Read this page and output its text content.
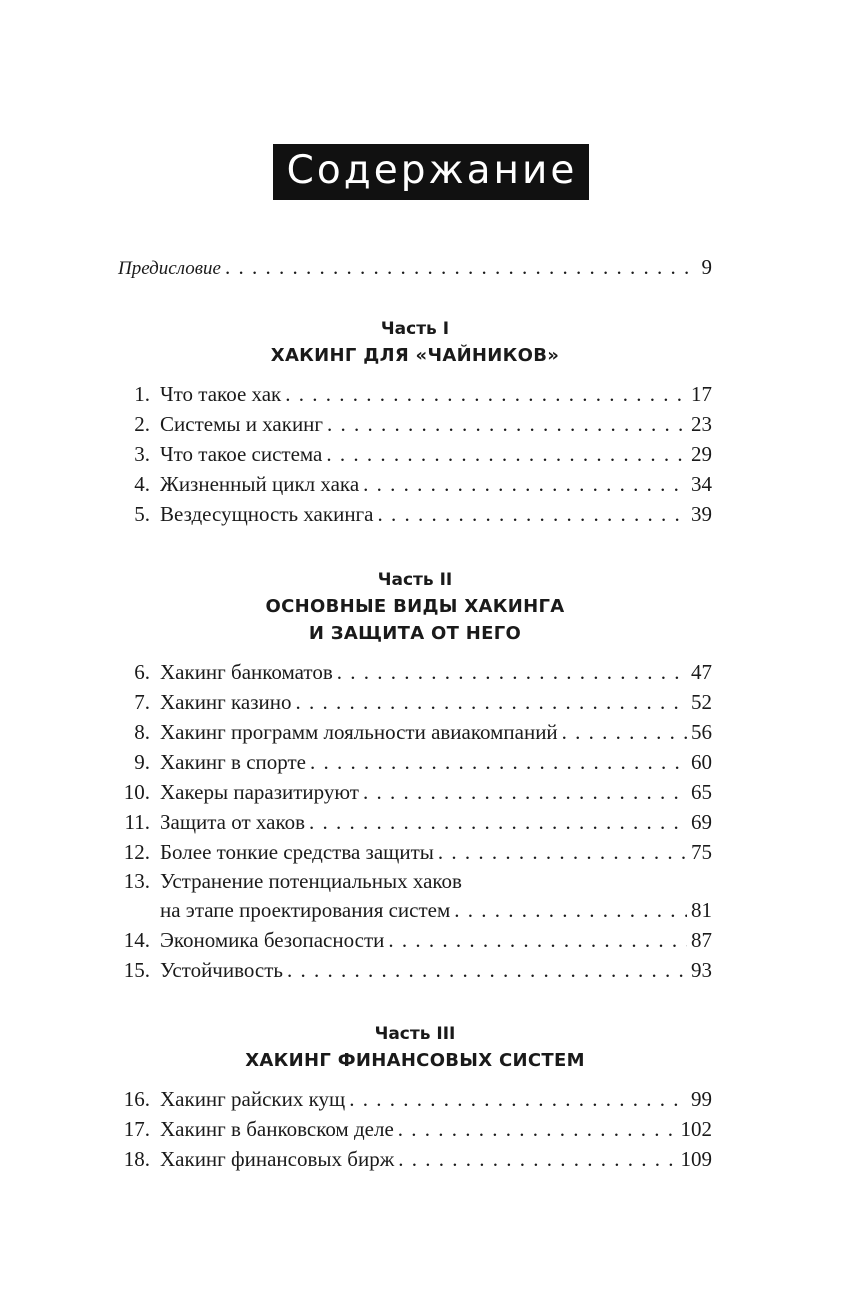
Содержание
Предисловие . . .	9
Часть I
ХАКИНГ ДЛЯ «ЧАЙНИКОВ»
1. Что такое хак . . .	17
2. Системы и хакинг . . .	23
3. Что такое система . . .	29
4. Жизненный цикл хака . . .	34
5. Вездесущность хакинга . . .	39
Часть II
ОСНОВНЫЕ ВИДЫ ХАКИНГА
И ЗАЩИТА ОТ НЕГО
6. Хакинг банкоматов . . .	47
7. Хакинг казино . . .	52
8. Хакинг программ лояльности авиакомпаний . . .	56
9. Хакинг в спорте . . .	60
10. Хакеры паразитируют . . .	65
11. Защита от хаков . . .	69
12. Более тонкие средства защиты . . .	75
13. Устранение потенциальных хаков
на этапе проектирования систем . . .	81
14. Экономика безопасности . . .	87
15. Устойчивость . . .	93
Часть III
ХАКИНГ ФИНАНСОВЫХ СИСТЕМ
16. Хакинг райских кущ . . .	99
17. Хакинг в банковском деле . . .	102
18. Хакинг финансовых бирж . . .	109
